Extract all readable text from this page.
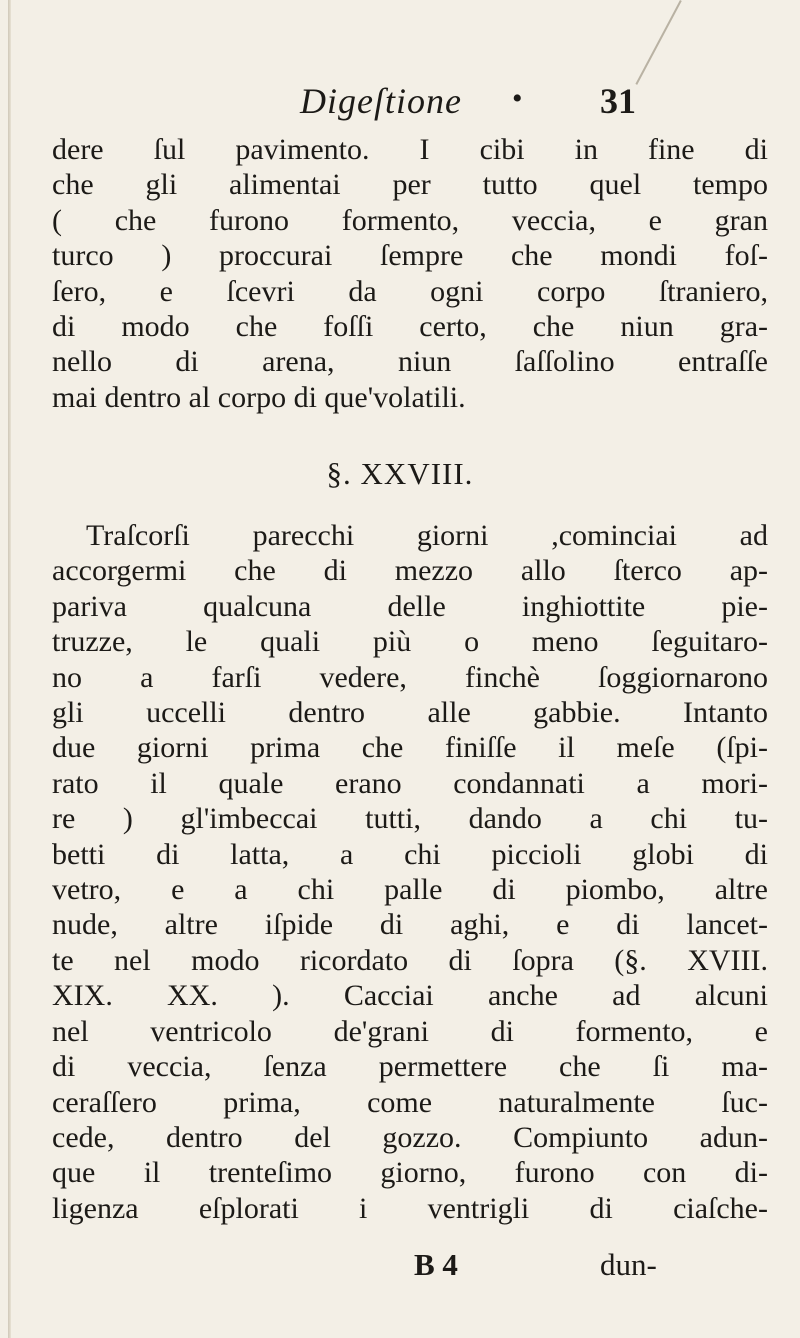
Digeſtione • 31
dere ſul pavimento. I cibi in fine di
che gli alimentai per tutto quel tempo
( che furono formento, veccia, e gran
turco ) proccurai ſempre che mondi foſ-
ſero, e ſcevri da ogni corpo ſtraniero,
di modo che foſſi certo, che niun gra-
nello di arena, niun ſaſſolino entraſſe
mai dentro al corpo di que'volatili.
§. XXVIII.
Traſcorſi parecchi giorni ,cominciai ad
accorgermi che di mezzo allo ſterco ap-
pariva qualcuna delle inghiottite pie-
truzze, le quali più o meno ſeguitaro-
no a farſi vedere, finchè ſoggiornarono
gli uccelli dentro alle gabbie. Intanto
due giorni prima che finiſſe il meſe (ſpi-
rato il quale erano condannati a mori-
re ) gl'imbeccai tutti, dando a chi tu-
betti di latta, a chi piccioli globi di
vetro, e a chi palle di piombo, altre
nude, altre iſpide di aghi, e di lancet-
te nel modo ricordato di ſopra (§. XVIII.
XIX. XX. ). Cacciai anche ad alcuni
nel ventricolo de'grani di formento, e
di veccia, ſenza permettere che ſi ma-
ceraſſero prima, come naturalmente ſuc-
cede, dentro del gozzo. Compiunto adun-
que il trenteſimo giorno, furono con di-
ligenza eſplorati i ventrigli di ciaſche-
B 4	dun-
